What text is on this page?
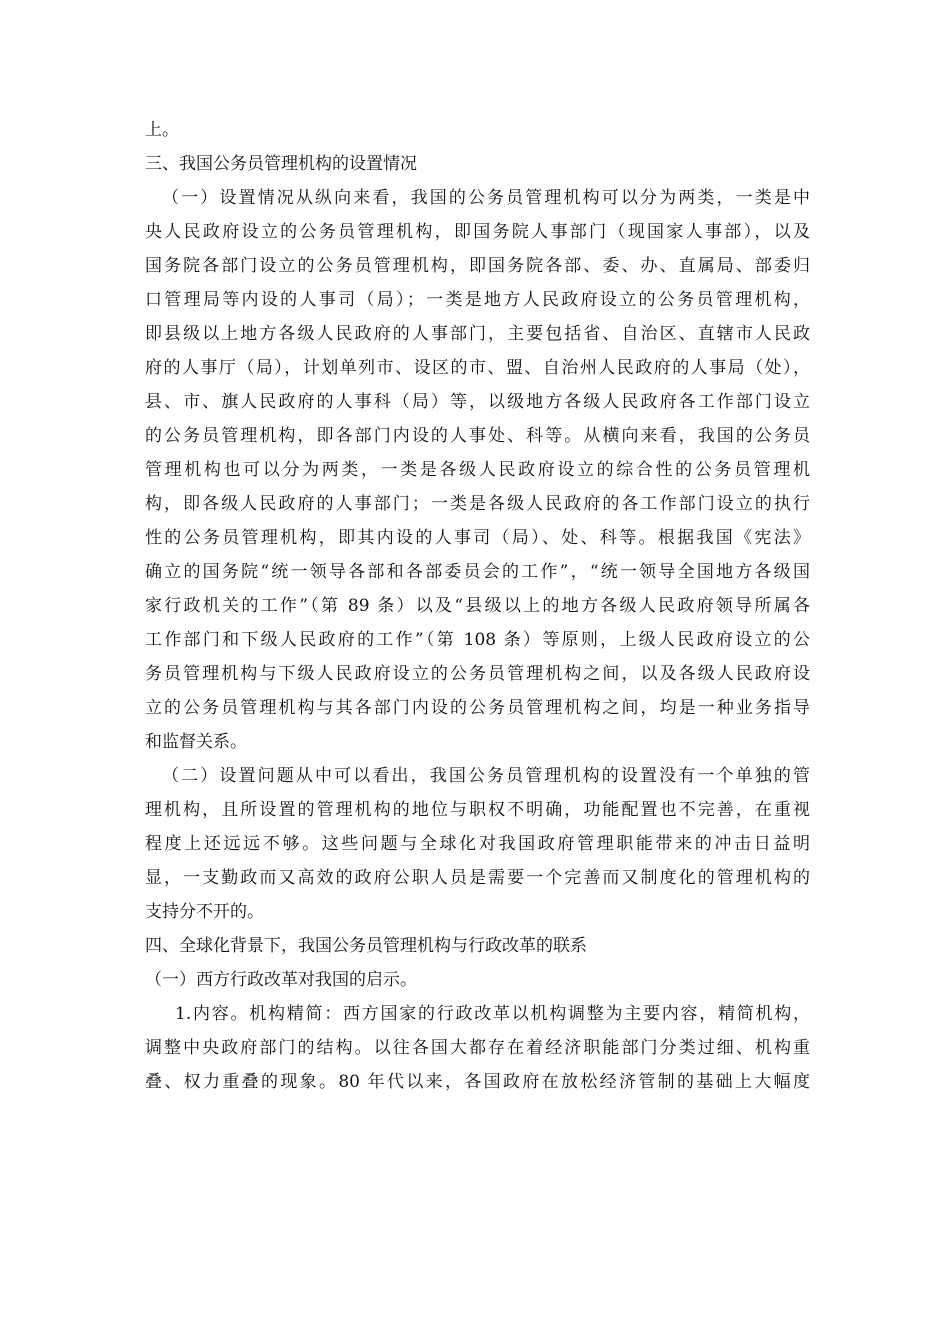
上。
三、我国公务员管理机构的设置情况
（一）设置情况从纵向来看，我国的公务员管理机构可以分为两类，一类是中
央人民政府设立的公务员管理机构，即国务院人事部门（现国家人事部），以及
国务院各部门设立的公务员管理机构，即国务院各部、委、办、直属局、部委归
口管理局等内设的人事司（局）；一类是地方人民政府设立的公务员管理机构，
即县级以上地方各级人民政府的人事部门，主要包括省、自治区、直辖市人民政
府的人事厅（局），计划单列市、设区的市、盟、自治州人民政府的人事局（处），
县、市、旗人民政府的人事科（局）等，以级地方各级人民政府各工作部门设立
的公务员管理机构，即各部门内设的人事处、科等。从横向来看，我国的公务员
管理机构也可以分为两类，一类是各级人民政府设立的综合性的公务员管理机
构，即各级人民政府的人事部门；一类是各级人民政府的各工作部门设立的执行
性的公务员管理机构，即其内设的人事司（局）、处、科等。根据我国《宪法》
确立的国务院“统一领导各部和各部委员会的工作”，“统一领导全国地方各级国
家行政机关的工作”（第 89 条）以及“县级以上的地方各级人民政府领导所属各
工作部门和下级人民政府的工作”（第 108 条）等原则，上级人民政府设立的公
务员管理机构与下级人民政府设立的公务员管理机构之间，以及各级人民政府设
立的公务员管理机构与其各部门内设的公务员管理机构之间，均是一种业务指导
和监督关系。
（二）设置问题从中可以看出，我国公务员管理机构的设置没有一个单独的管
理机构，且所设置的管理机构的地位与职权不明确，功能配置也不完善，在重视
程度上还远远不够。这些问题与全球化对我国政府管理职能带来的冲击日益明
显，一支勤政而又高效的政府公职人员是需要一个完善而又制度化的管理机构的
支持分不开的。
四、全球化背景下，我国公务员管理机构与行政改革的联系
（一）西方行政改革对我国的启示。
1.内容。机构精简：西方国家的行政改革以机构调整为主要内容，精简机构，
调整中央政府部门的结构。以往各国大都存在着经济职能部门分类过细、机构重
叠、权力重叠的现象。80 年代以来，各国政府在放松经济管制的基础上大幅度
